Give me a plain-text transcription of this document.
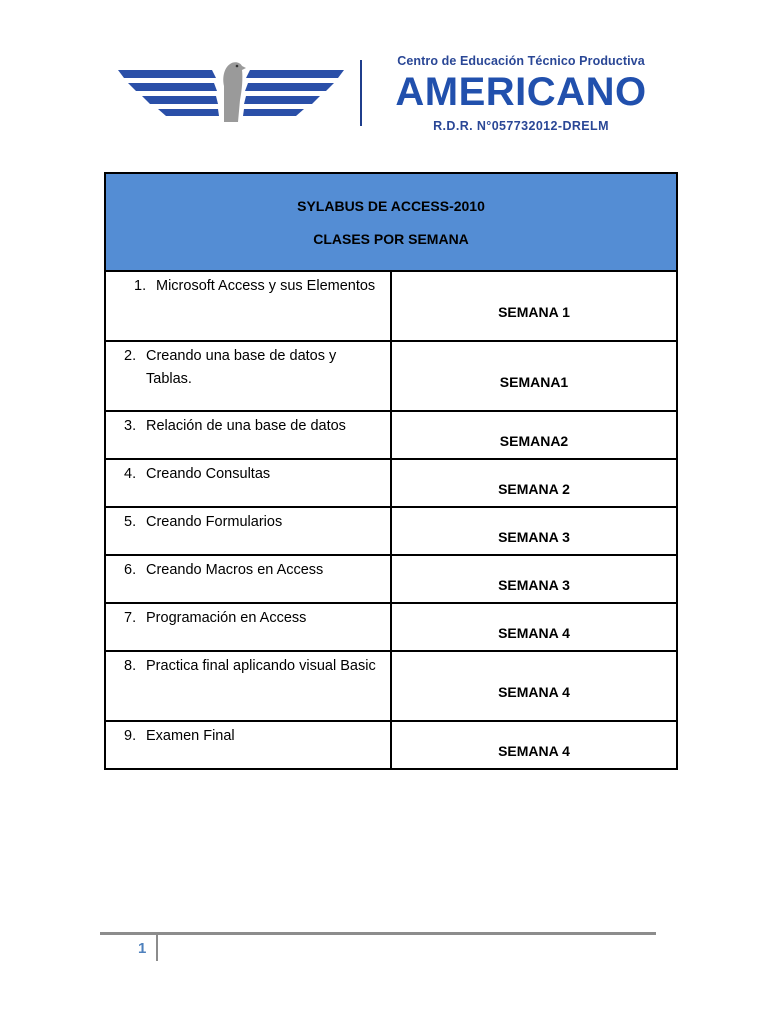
Centro de Educación Técnico Productiva
AMERICANO
R.D.R. N°057732012-DRELM
SYLABUS DE ACCESS-2010
CLASES POR SEMANA	

1. Microsoft Access y sus Elementos	SEMANA 1

2. Creando una base de datos y Tablas.	SEMANA1

3. Relación de una base de datos	SEMANA2

4. Creando Consultas	SEMANA 2

5. Creando Formularios	SEMANA 3

6. Creando Macros en Access	SEMANA 3

7. Programación en Access	SEMANA 4

8. Practica final aplicando visual Basic	SEMANA 4

9. Examen Final	SEMANA 4
1
